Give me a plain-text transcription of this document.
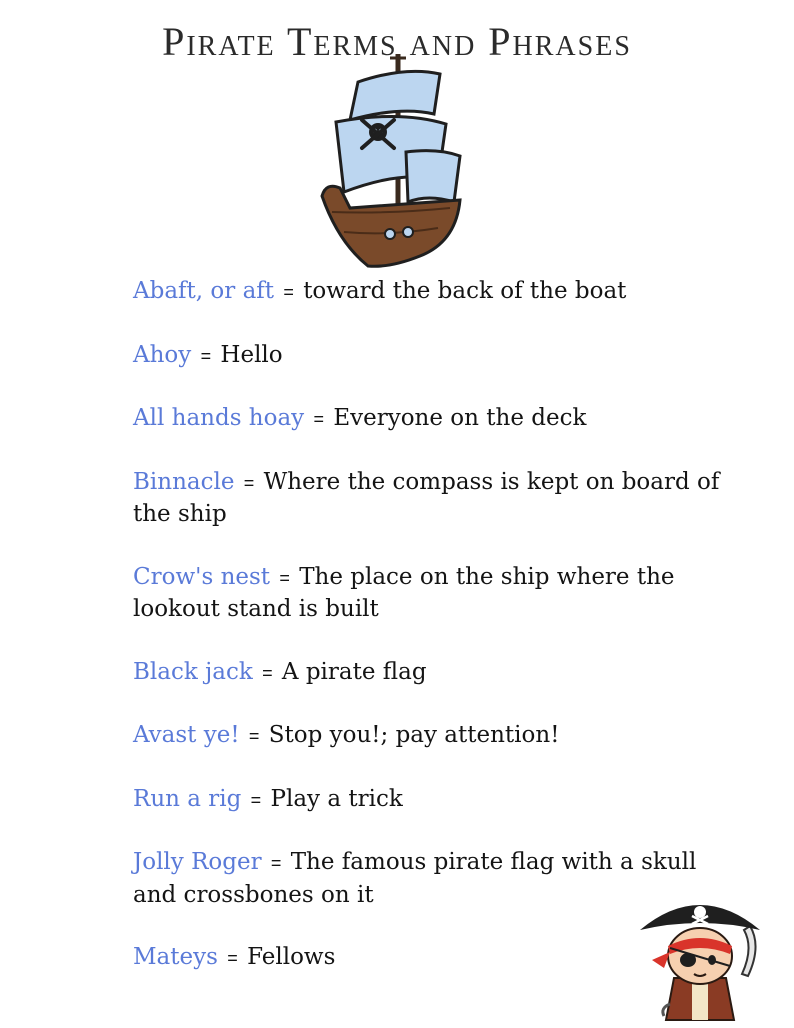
Pirate Terms and Phrases

Abaft, or aft = toward the back of the boat

Ahoy = Hello

All hands hoay = Everyone on the deck

Binnacle = Where the compass is kept on board of the ship

Crow's nest = The place on the ship where the lookout stand is built

Black jack = A pirate flag

Avast ye! = Stop you!; pay attention!

Run a rig = Play a trick

Jolly Roger = The famous pirate flag with a skull and crossbones on it

Mateys = Fellows
